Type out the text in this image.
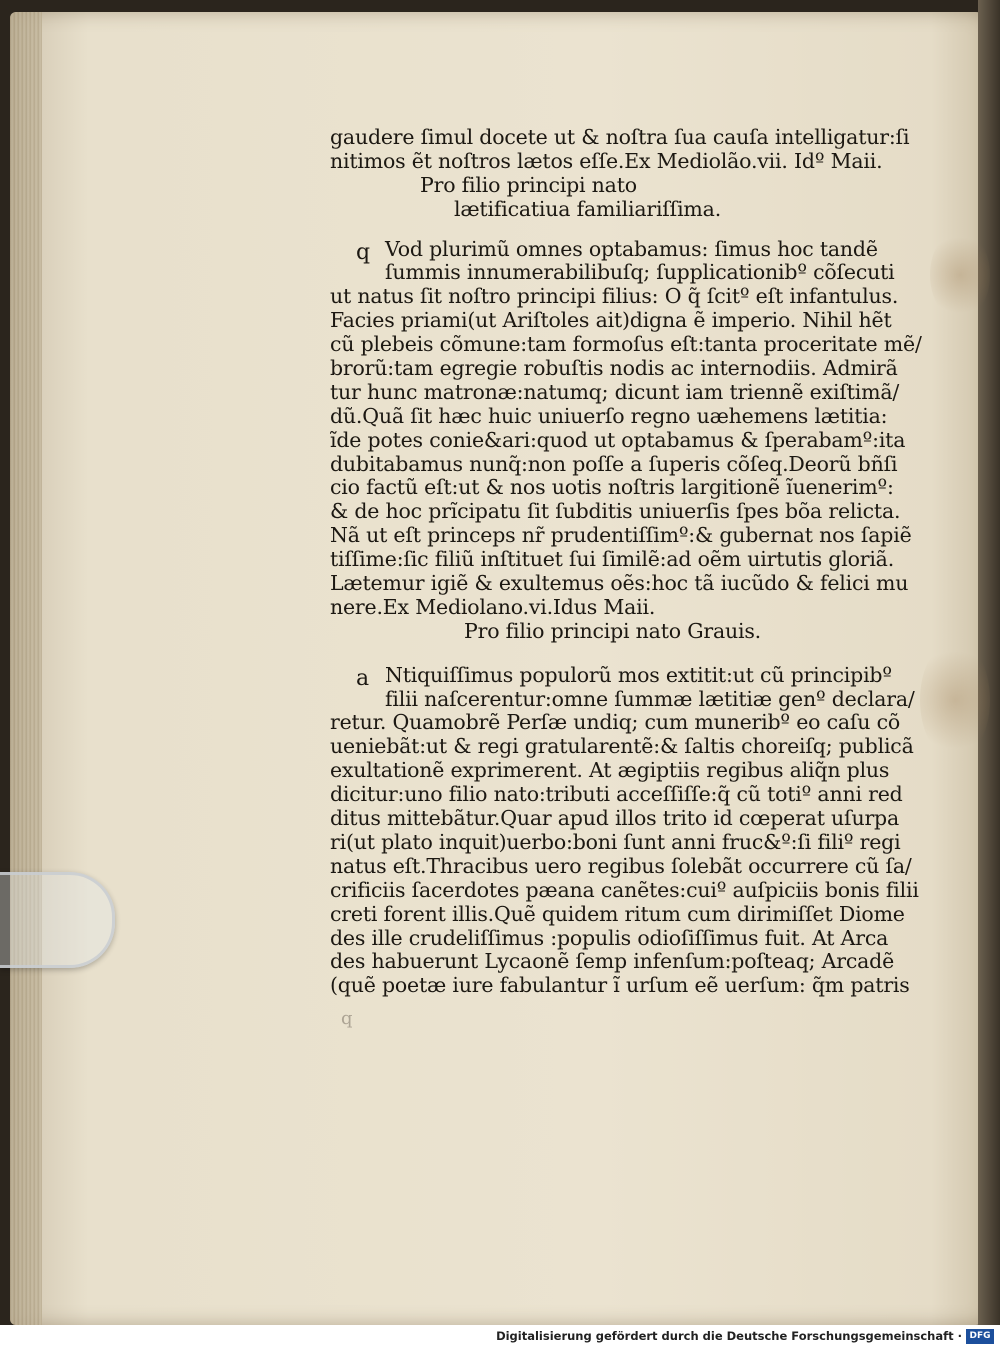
gaudere ſimul docete ut & noſtra ſua cauſa intelligatur:ſi
nitimos ẽt noſtros lætos eſſe.Ex Mediolão.vii. Idº Maii.
Pro filio principi nato
lætificatiua familiariſſima.
q Vod plurimũ omnes optabamus: ſimus hoc tandẽ
ſummis innumerabilibuſq; ſupplicationibº cõſecuti
ut natus ſit noſtro principi filius: O q̃ ſcitº eſt infantulus.
Facies priami(ut Ariſtoles ait)digna ẽ imperio. Nihil hẽt
cũ plebeis cõmune:tam formoſus eſt:tanta proceritate mẽ/
brorũ:tam egregie robuſtis nodis ac internodiis. Admirã
tur hunc matronæ:natumq; dicunt iam triennẽ exiſtimã/
dũ.Quã ſit hæc huic uniuerſo regno uæhemens lætitia:
ĩde potes conie&ari:quod ut optabamus & ſperabamº:ita
dubitabamus nunq̃:non poſſe a ſuperis cõſeq.Deorũ bñſi
cio factũ eſt:ut & nos uotis noſtris largitionẽ ĩuenerimº:
& de hoc prĩcipatu ſit ſubditis uniuerſis ſpes bõa relicta.
Nã ut eſt princeps nr̃ prudentiſſimº:& gubernat nos ſapiẽ
tiſſime:ſic filiũ inſtituet ſui ſimilẽ:ad oẽm uirtutis gloriã.
Lætemur igiẽ & exultemus oẽs:hoc tã iucũdo & felici mu
nere.Ex Mediolano.vi.Idus Maii.
Pro filio principi nato Grauis.
a Ntiquiſſimus populorũ mos extitit:ut cũ principibº
filii naſcerentur:omne ſummæ lætitiæ genº declara/
retur. Quamobrẽ Perſæ undiq; cum muneribº eo caſu cõ
ueniebãt:ut & regi gratularentẽ:& ſaltis choreiſq; publicã
exultationẽ exprimerent. At ægiptiis regibus aliq̃n plus
dicitur:uno filio nato:tributi acceſſiſſe:q̃ cũ totiº anni red
ditus mittebãtur.Quar apud illos trito id cœperat uſurpa
ri(ut plato inquit)uerbo:boni ſunt anni fruc&º:ſi filiº regi
natus eſt.Thracibus uero regibus ſolebãt occurrere cũ ſa/
crificiis ſacerdotes pæana canẽtes:cuiº auſpiciis bonis filii
creti forent illis.Quẽ quidem ritum cum dirimiſſet Diome
des ille crudeliſſimus :populis odioſiſſimus fuit. At Arca
des habuerunt Lycaonẽ ſemp infenſum:poſteaq; Arcadẽ
(quẽ poetæ iure fabulantur ĩ urſum eẽ uerſum: q̃m patris
q
Digitalisierung gefördert durch die Deutsche Forschungsgemeinschaft · DFG
